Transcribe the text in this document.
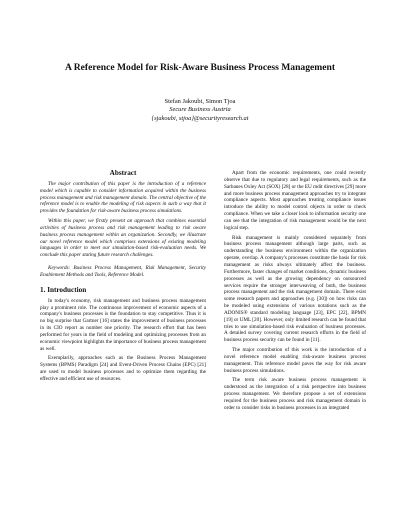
A Reference Model for Risk-Aware Business Process Management
Stefan Jakoubi, Simon Tjoa
Secure Business Austria
{sjakoubi, stjoa}@securityresearch.at
Abstract

The major contribution of this paper is the introduction of a reference model which is capable to consider information acquired within the business process management and risk management domain. The central objective of the reference model is to enable the modeling of risk aspects in such a way that it provides the foundation for risk-aware business process simulations.

Within this paper, we firstly present an approach that combines essential activities of business process and risk management leading to risk aware business process management within an organization. Secondly, we illustrate our novel reference model which comprises extensions of existing modeling languages in order to meet our simulation-based risk-evaluation needs. We conclude this paper stating future research challenges.

Keywords: Business Process Management, Risk Management, Security Enablement Methods and Tools, Reference Model.

1. Introduction

In today's economy, risk management and business process management play a prominent role. The continuous improvement of economic aspects of a company's business processes is the foundation to stay competitive. Thus it is no big surprise that Gartner [16] states the improvement of business processes in its CIO report as number one priority. The research effort that has been performed for years in the field of modeling and optimizing processes from an economic viewpoint highlights the importance of business process management as well.

Exemplarily, approaches such as the Business Process Management Systems (BPMS) Paradigm [24] and Event-Driven Process Chains (EPC) [21] are used to model business processes and to optimize them regarding the effective and efficient use of resources.

Apart from the economic requirements, one could recently observe that due to regulatory and legal requirements, such as the Sarbanes Oxley Act (SOX) [28] or the EU mdit directives [29] more and more business process management approaches try to integrate compliance aspects. Most approaches treating compliance issues introduce the ability to model control objects in order to check compliance. When we take a closer look to information security one can see that the integration of risk management would be the next logical step.

Risk management is mainly considered separately from business process management although large parts, such as understanding the business environment within the organization operate, overlap. A company's processes constitute the basis for risk management as risks always ultimately affect the business. Furthermore, faster changes of market conditions, dynamic business processes as well as the growing dependency on outsourced services require the stronger interweaving of both, the business process management and the risk management domain. There exist some research papers and approaches (e.g. [30]) on how risks can be modeled using extensions of various notations such as the ADONIS® standard modeling language [23], EPC [22], BPMN [19] or UML [20]. However, only limited research can be found that tries to use simulation-based risk evaluation of business processes. A detailed survey covering current research efforts in the field of business process security can be found in [11].

The major contribution of this work is the introduction of a novel reference model enabling risk-aware business process management. This reference model paves the way for risk aware business process simulations.

The term risk aware business process management is understood as the integration of a risk perspective into business process management. We therefore propose a set of extensions required for the business process and risk management domain in order to consider risks in business processes in an integrated
